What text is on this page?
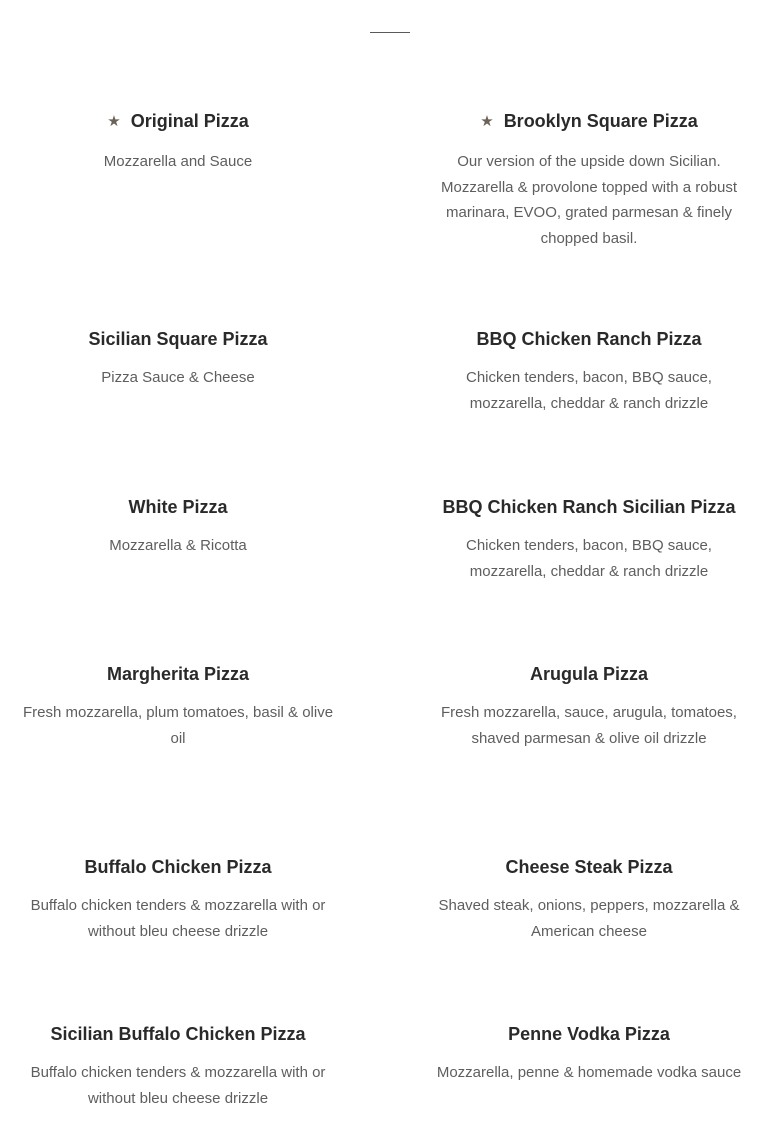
★ Original Pizza

Mozzarella and Sauce

★ Brooklyn Square Pizza

Our version of the upside down Sicilian. Mozzarella & provolone topped with a robust marinara, EVOO, grated parmesan & finely chopped basil.

Sicilian Square Pizza

Pizza Sauce & Cheese

BBQ Chicken Ranch Pizza

Chicken tenders, bacon, BBQ sauce, mozzarella, cheddar & ranch drizzle

White Pizza

Mozzarella & Ricotta

BBQ Chicken Ranch Sicilian Pizza

Chicken tenders, bacon, BBQ sauce, mozzarella, cheddar & ranch drizzle

Margherita Pizza

Fresh mozzarella, plum tomatoes, basil & olive oil

Arugula Pizza

Fresh mozzarella, sauce, arugula, tomatoes, shaved parmesan & olive oil drizzle

Buffalo Chicken Pizza

Buffalo chicken tenders & mozzarella with or without bleu cheese drizzle

Cheese Steak Pizza

Shaved steak, onions, peppers, mozzarella & American cheese

Sicilian Buffalo Chicken Pizza

Buffalo chicken tenders & mozzarella with or without bleu cheese drizzle

Penne Vodka Pizza

Mozzarella, penne & homemade vodka sauce
